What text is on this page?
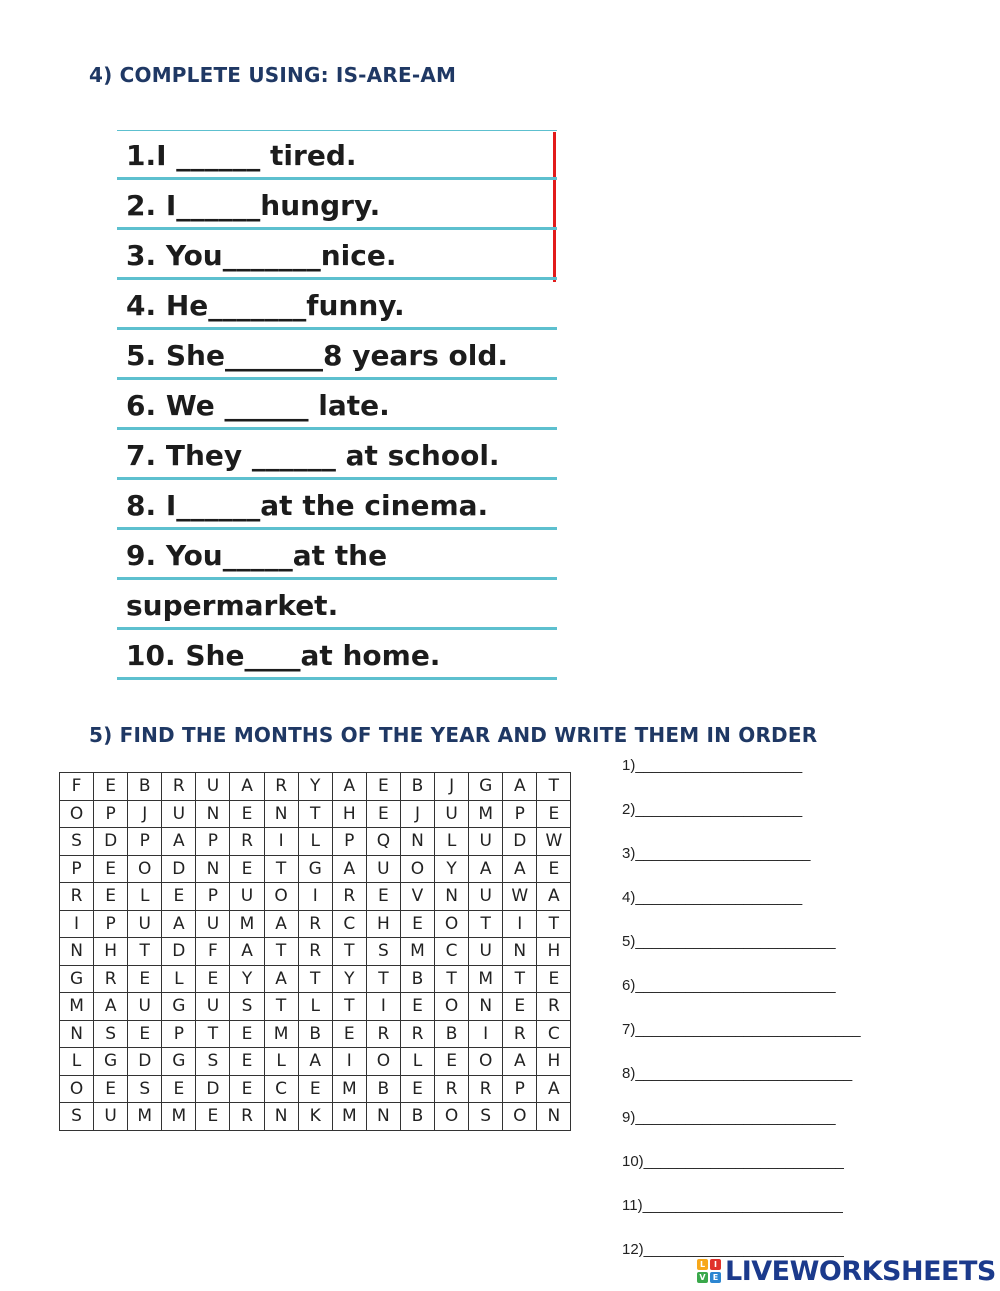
4) COMPLETE USING: IS-ARE-AM
1.I ______ tired.
2. I______hungry.
3. You_______nice.
4. He_______funny.
5. She_______8 years old.
6. We ______ late.
7. They ______ at school.
8. I______at the cinema.
9. You_____at the
supermarket.
10. She____at home.
5) FIND THE MONTHS OF THE YEAR AND WRITE THEM IN ORDER
F	E	B	R	U	A	R	Y	A	E	B	J	G	A	T
O	P	J	U	N	E	N	T	H	E	J	U	M	P	E
S	D	P	A	P	R	I	L	P	Q	N	L	U	D	W
P	E	O	D	N	E	T	G	A	U	O	Y	A	A	E
R	E	L	E	P	U	O	I	R	E	V	N	U	W	A
I	P	U	A	U	M	A	R	C	H	E	O	T	I	T
N	H	T	D	F	A	T	R	T	S	M	C	U	N	H
G	R	E	L	E	Y	A	T	Y	T	B	T	M	T	E
M	A	U	G	U	S	T	L	T	I	E	O	N	E	R
N	S	E	P	T	E	M	B	E	R	R	B	I	R	C
L	G	D	G	S	E	L	A	I	O	L	E	O	A	H
O	E	S	E	D	E	C	E	M	B	E	R	R	P	A
S	U	M	M	E	R	N	K	M	N	B	O	S	O	N
1)____________________
2)____________________
3)_____________________
4)____________________
5)________________________
6)________________________
7)___________________________
8)__________________________
9)________________________
10)________________________
11)________________________
12)________________________
L	I
V E LIVEWORKSHEETS
